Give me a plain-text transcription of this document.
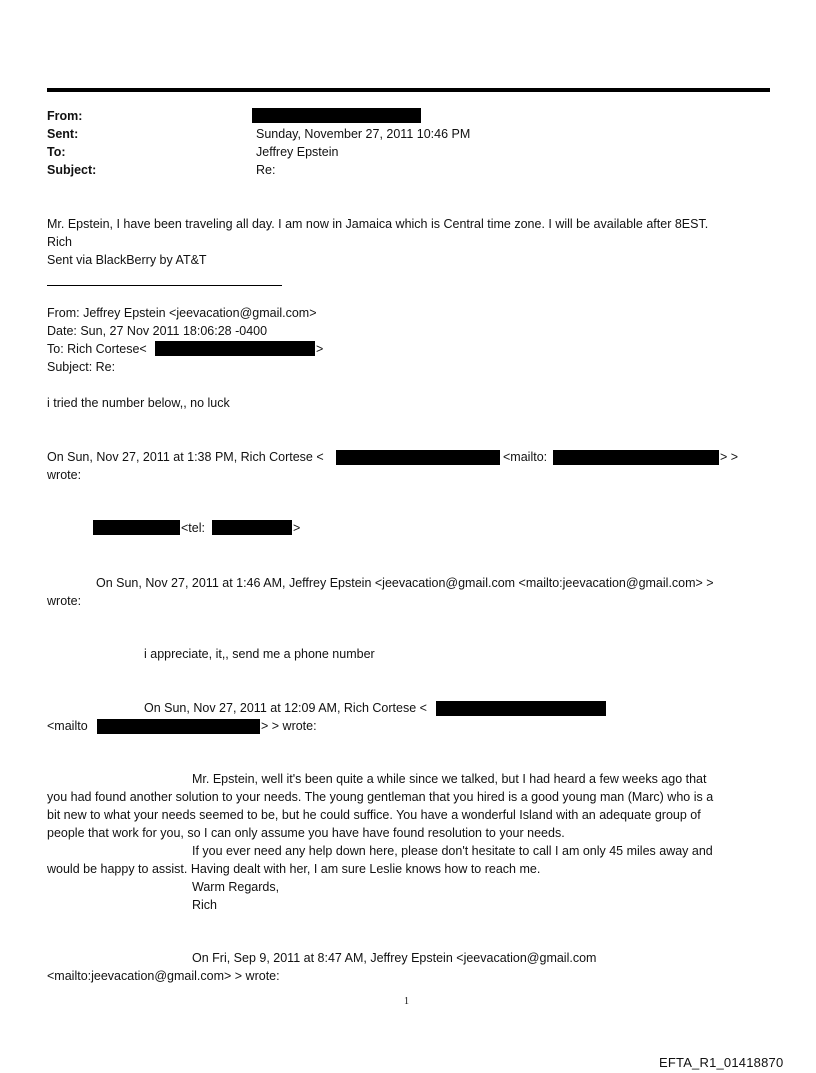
From:

Sent:	Sunday, November 27, 2011 10:46 PM

To:	Jeffrey Epstein

Subject:	Re:

Mr. Epstein, I have been traveling all day. I am now in Jamaica which is Central time zone. I will be available after 8EST.

Rich

Sent via BlackBerry by AT&T

From: Jeffrey Epstein <jeevacation@gmail.com>

Date: Sun, 27 Nov 2011 18:06:28 -0400

To: Rich Cortese<	>

Subject: Re:

i tried the number below,, no luck

On Sun, Nov 27, 2011 at 1:38 PM, Rich Cortese <	<mailto:	> >

wrote:

<tel:	>

On Sun, Nov 27, 2011 at 1:46 AM, Jeffrey Epstein <jeevacation@gmail.com <mailto:jeevacation@gmail.com> >

wrote:

i appreciate, it,, send me a phone number

On Sun, Nov 27, 2011 at 12:09 AM, Rich Cortese <

<mailto	> > wrote:

Mr. Epstein, well it's been quite a while since we talked, but I had heard a few weeks ago that

you had found another solution to your needs. The young gentleman that you hired is a good young man (Marc) who is a

bit new to what your needs seemed to be, but he could suffice. You have a wonderful Island with an adequate group of

people that work for you, so I can only assume you have have found resolution to your needs.

If you ever need any help down here, please don't hesitate to call I am only 45 miles away and

would be happy to assist. Having dealt with her, I am sure Leslie knows how to reach me.

Warm Regards,

Rich

On Fri, Sep 9, 2011 at 8:47 AM, Jeffrey Epstein <jeevacation@gmail.com

<mailto:jeevacation@gmail.com> > wrote:

1

EFTA_R1_01418870
